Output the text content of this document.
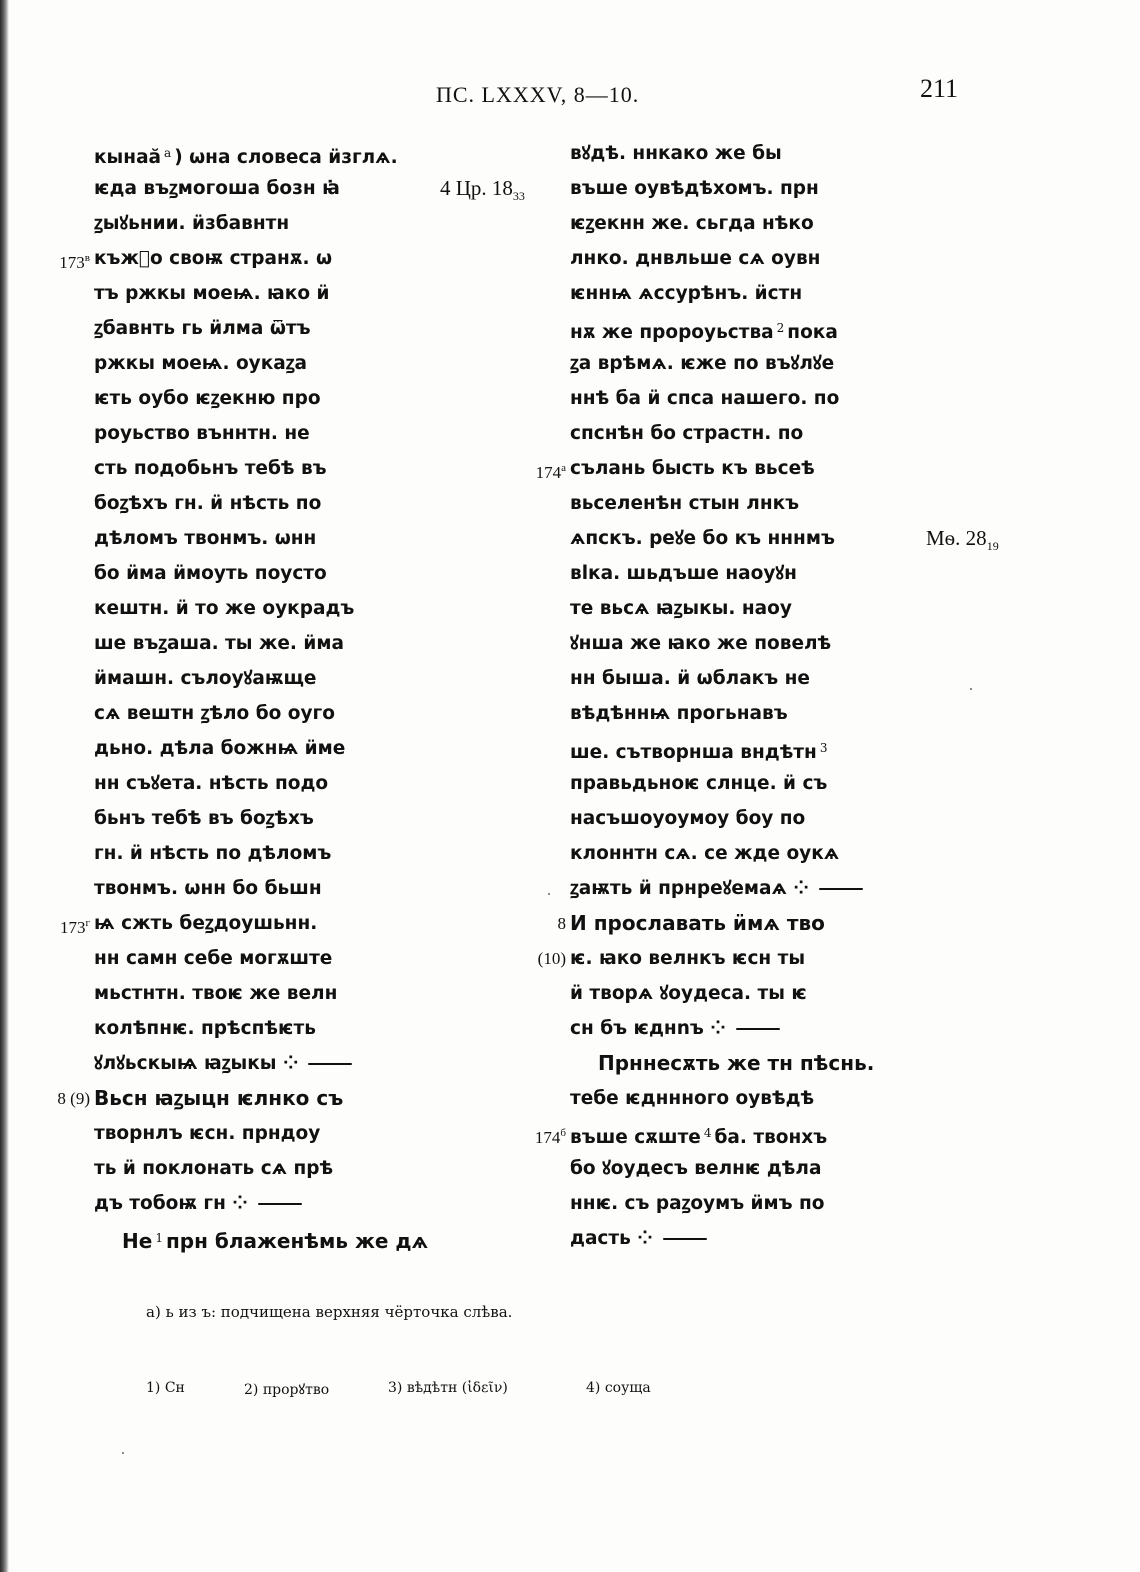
ПС. LXXXV, 8—10.	211
кынаӑ $^а$ ) ѡна словеса ӥзглѧ.
ѥда въꙁмогоша бозн ꙗ̇	4 Цр. $18_{33}$
ꙁыꙋьнии. ӥзбавнтн
$173^в$ къжⷣо своѭ странѫ. ѡ
тъ ржкы моеѩ. ꙗко ӥ
ꙁбавнть гь ӥлма ѿтъ
ржкы моеѩ. оукаꙁа
ѥть оубо ѥꙁекню про
роуьство въннтн. не
сть подобьнъ тебѣ въ
боꙁѣхъ гн. ӥ нѣсть по
дѣломъ твонмъ. ѡнн
бо ӥма ӥмоуть поусто
кештн. ӥ то же оукрадъ
ше въꙁаша. ты же. ӥма
ӥмашн. сълоуꙋаѭще
сѧ вештн ꙁѣло бо оуго
дьно. дѣла божнѩ ӥме
нн съꙋета. нѣсть подо
бьнъ тебѣ въ боꙁѣхъ
гн. ӥ нѣсть по дѣломъ
твонмъ. ѡнн бо бьшн
$173^г$ ѩ сжть беꙁдоушьнн.
нн самн себе могѫште
мьстнтн. твоѥ же велн
колѣпнѥ. прѣспѣѥть
ꙋлꙋьскыѩ ꙗꙁыкы ⁘
8 (9) Вьсн ꙗꙁыцн ѥлнко съ
творнлъ ѥсн. прндоу
ть ӥ поклонать сѧ прѣ
дъ тобоѭ гн ⁘
Не $^1$ прн блаженѣмь же дѧ
вꙋдѣ. ннкако же бы
въше оувѣдѣхомъ. прн
ѥꙁекнн же. сьгда нѣко
лнко. днвльше сѧ оувн
ѥннѩ ѧссурѣнъ. ӥстн
нѫ же пророуьства $^2$ пока
ꙁа врѣмѧ. ѥже по въꙋлꙋе
ннѣ ба ӥ спса нашего. по
спснѣн бо страстн. по
$174^а$ сълань бысть къ вьсеѣ
вьселенѣн стын лнкъ
ѧпскъ. реꙋе бо къ нннмъ	Мѳ. $28_{19}$
вlка. шьдъше наоуꙋн
те вьсѧ ꙗꙁыкы. наоу
ꙋнша же ꙗко же повелѣ
нн быша. ӥ ѡблакъ не
вѣдѣннѩ прогьнавъ
ше. сътворнша вндѣтн $^3$
правьдьноѥ слнце. ӥ съ
насъшоуоумоу боу по
клоннтн сѧ. се жде оукѧ
ꙁаѭть ӥ прнреꙋемаѧ ⁘
8 И прославать ӥмѧ тво
(10) ѥ. ꙗко велнкъ ѥсн ты
ӥ творѧ ꙋоудеса. ты ѥ
сн бъ ѥднnъ ⁘
Прннесѫть же тн пѣснь.
тебе ѥдннного оувѣдѣ
$174^б$ въше сѫште $^4$ ба. твонхъ
бо ꙋоудесъ велнѥ дѣла
ннѥ. съ раꙁоумъ ӥмъ по
дасть ⁘
а) ь из ъ: подчищена верхняя чёрточка слѣва.
1) Сн	2) прорꙋтво	3) вѣдѣтн (ἰδεῖν)	4) соуща
